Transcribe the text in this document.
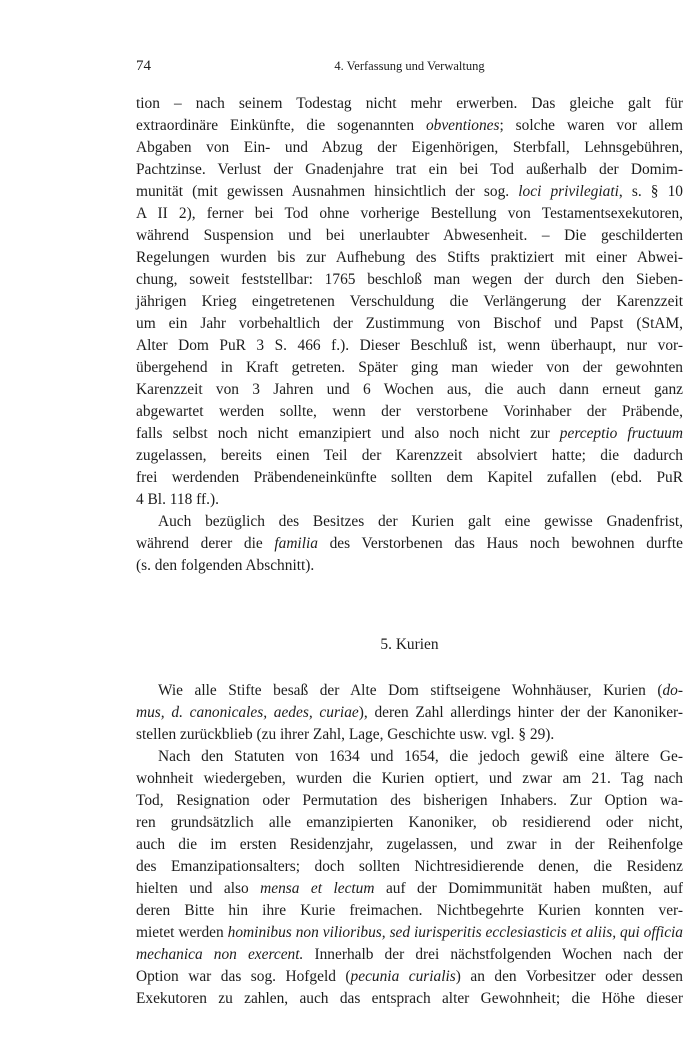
74	4. Verfassung und Verwaltung
tion – nach seinem Todestag nicht mehr erwerben. Das gleiche galt für
extraordinäre Einkünfte, die sogenannten obventiones; solche waren vor allem
Abgaben von Ein- und Abzug der Eigenhörigen, Sterbfall, Lehnsgebühren,
Pachtzinse. Verlust der Gnadenjahre trat ein bei Tod außerhalb der Domim-
munität (mit gewissen Ausnahmen hinsichtlich der sog. loci privilegiati, s. § 10
A II 2), ferner bei Tod ohne vorherige Bestellung von Testamentsexekutoren,
während Suspension und bei unerlaubter Abwesenheit. – Die geschilderten
Regelungen wurden bis zur Aufhebung des Stifts praktiziert mit einer Abwei-
chung, soweit feststellbar: 1765 beschloß man wegen der durch den Sieben-
jährigen Krieg eingetretenen Verschuldung die Verlängerung der Karenzzeit
um ein Jahr vorbehaltlich der Zustimmung von Bischof und Papst (StAM,
Alter Dom PuR 3 S. 466 f.). Dieser Beschluß ist, wenn überhaupt, nur vor-
übergehend in Kraft getreten. Später ging man wieder von der gewohnten
Karenzzeit von 3 Jahren und 6 Wochen aus, die auch dann erneut ganz
abgewartet werden sollte, wenn der verstorbene Vorinhaber der Präbende,
falls selbst noch nicht emanzipiert und also noch nicht zur perceptio fructuum
zugelassen, bereits einen Teil der Karenzzeit absolviert hatte; die dadurch
frei werdenden Präbendeneinkünfte sollten dem Kapitel zufallen (ebd. PuR
4 Bl. 118 ff.).
Auch bezüglich des Besitzes der Kurien galt eine gewisse Gnadenfrist,
während derer die familia des Verstorbenen das Haus noch bewohnen durfte
(s. den folgenden Abschnitt).
5. Kurien
Wie alle Stifte besaß der Alte Dom stiftseigene Wohnhäuser, Kurien (do-
mus, d. canonicales, aedes, curiae), deren Zahl allerdings hinter der der Kanoniker-
stellen zurückblieb (zu ihrer Zahl, Lage, Geschichte usw. vgl. § 29).
Nach den Statuten von 1634 und 1654, die jedoch gewiß eine ältere Ge-
wohnheit wiedergeben, wurden die Kurien optiert, und zwar am 21. Tag nach
Tod, Resignation oder Permutation des bisherigen Inhabers. Zur Option wa-
ren grundsätzlich alle emanzipierten Kanoniker, ob residierend oder nicht,
auch die im ersten Residenzjahr, zugelassen, und zwar in der Reihenfolge
des Emanzipationsalters; doch sollten Nichtresidierende denen, die Residenz
hielten und also mensa et lectum auf der Domimmunität haben mußten, auf
deren Bitte hin ihre Kurie freimachen. Nichtbegehrte Kurien konnten ver-
mietet werden hominibus non vilioribus, sed iurisperitis ecclesiasticis et aliis, qui officia
mechanica non exercent. Innerhalb der drei nächstfolgenden Wochen nach der
Option war das sog. Hofgeld (pecunia curialis) an den Vorbesitzer oder dessen
Exekutoren zu zahlen, auch das entsprach alter Gewohnheit; die Höhe dieser
